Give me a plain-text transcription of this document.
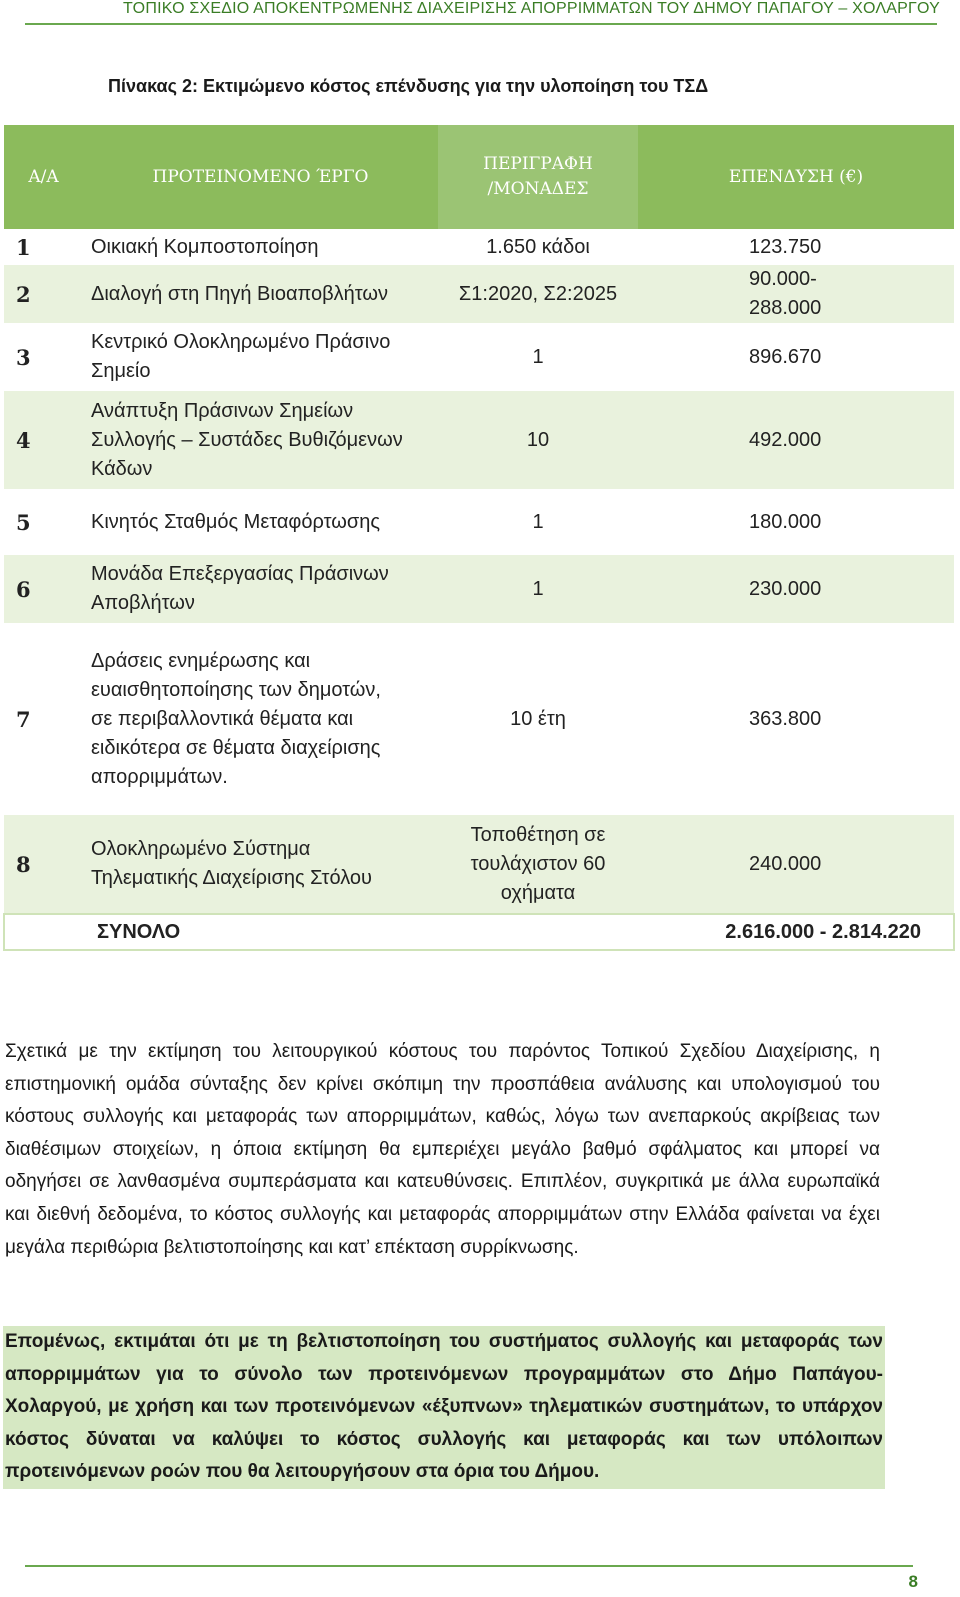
ΤΟΠΙΚΟ ΣΧΕΔΙΟ ΑΠΟΚΕΝΤΡΩΜΕΝΗΣ ΔΙΑΧΕΙΡΙΣΗΣ ΑΠΟΡΡΙΜΜΑΤΩΝ ΤΟΥ ΔΗΜΟΥ ΠΑΠΑΓΟΥ – ΧΟΛΑΡΓΟΥ
Πίνακας 2: Εκτιμώμενο κόστος επένδυσης για την υλοποίηση του ΤΣΔ
Α/Α	ΠΡΟΤΕΙΝΟΜΕΝΟ ΈΡΓΟ	ΠΕΡΙΓΡΑΦΗ
/ΜΟΝΑΔΕΣ	ΕΠΕΝΔΥΣΗ (€)
1	Οικιακή Κομποστοποίηση	1.650 κάδοι	123.750
2	Διαλογή στη Πηγή Βιοαποβλήτων	Σ1:2020, Σ2:2025	90.000-
288.000
3	Κεντρικό Ολοκληρωμένο Πράσινο
Σημείο	1	896.670
4	Ανάπτυξη Πράσινων Σημείων
Συλλογής – Συστάδες Βυθιζόμενων
Κάδων	10	492.000
5	Κινητός Σταθμός Μεταφόρτωσης	1	180.000
6	Μονάδα Επεξεργασίας Πράσινων
Αποβλήτων	1	230.000
7	Δράσεις ενημέρωσης και
ευαισθητοποίησης των δημοτών,
σε περιβαλλοντικά θέματα και
ειδικότερα σε θέματα διαχείρισης
απορριμμάτων.	10 έτη	363.800
8	Ολοκληρωμένο Σύστημα
Τηλεματικής Διαχείρισης Στόλου	Τοποθέτηση σε
τουλάχιστον 60
οχήματα	240.000
	ΣΥΝΟΛΟ	2.616.000 - 2.814.220	

Σχετικά με την εκτίμηση του λειτουργικού κόστους του παρόντος Τοπικού Σχεδίου Διαχείρισης, η επιστημονική ομάδα σύνταξης δεν κρίνει σκόπιμη την προσπάθεια ανάλυσης και υπολογισμού του κόστους συλλογής και μεταφοράς των απορριμμάτων, καθώς, λόγω των ανεπαρκούς ακρίβειας των διαθέσιμων στοιχείων, η όποια εκτίμηση θα εμπεριέχει μεγάλο βαθμό σφάλματος και μπορεί να οδηγήσει σε λανθασμένα συμπεράσματα και κατευθύνσεις. Επιπλέον, συγκριτικά με άλλα ευρωπαϊκά και διεθνή δεδομένα, το κόστος συλλογής και μεταφοράς απορριμμάτων στην Ελλάδα φαίνεται να έχει μεγάλα περιθώρια βελτιστοποίησης και κατ’ επέκταση συρρίκνωσης.

Επομένως, εκτιμάται ότι με τη βελτιστοποίηση του συστήματος συλλογής και μεταφοράς των απορριμμάτων για το σύνολο των προτεινόμενων προγραμμάτων στο Δήμο Παπάγου-Χολαργού, με χρήση και των προτεινόμενων «έξυπνων» τηλεματικών συστημάτων, το υπάρχον κόστος δύναται να καλύψει το κόστος συλλογής και μεταφοράς και των υπόλοιπων προτεινόμενων ροών που θα λειτουργήσουν στα όρια του Δήμου.

8
